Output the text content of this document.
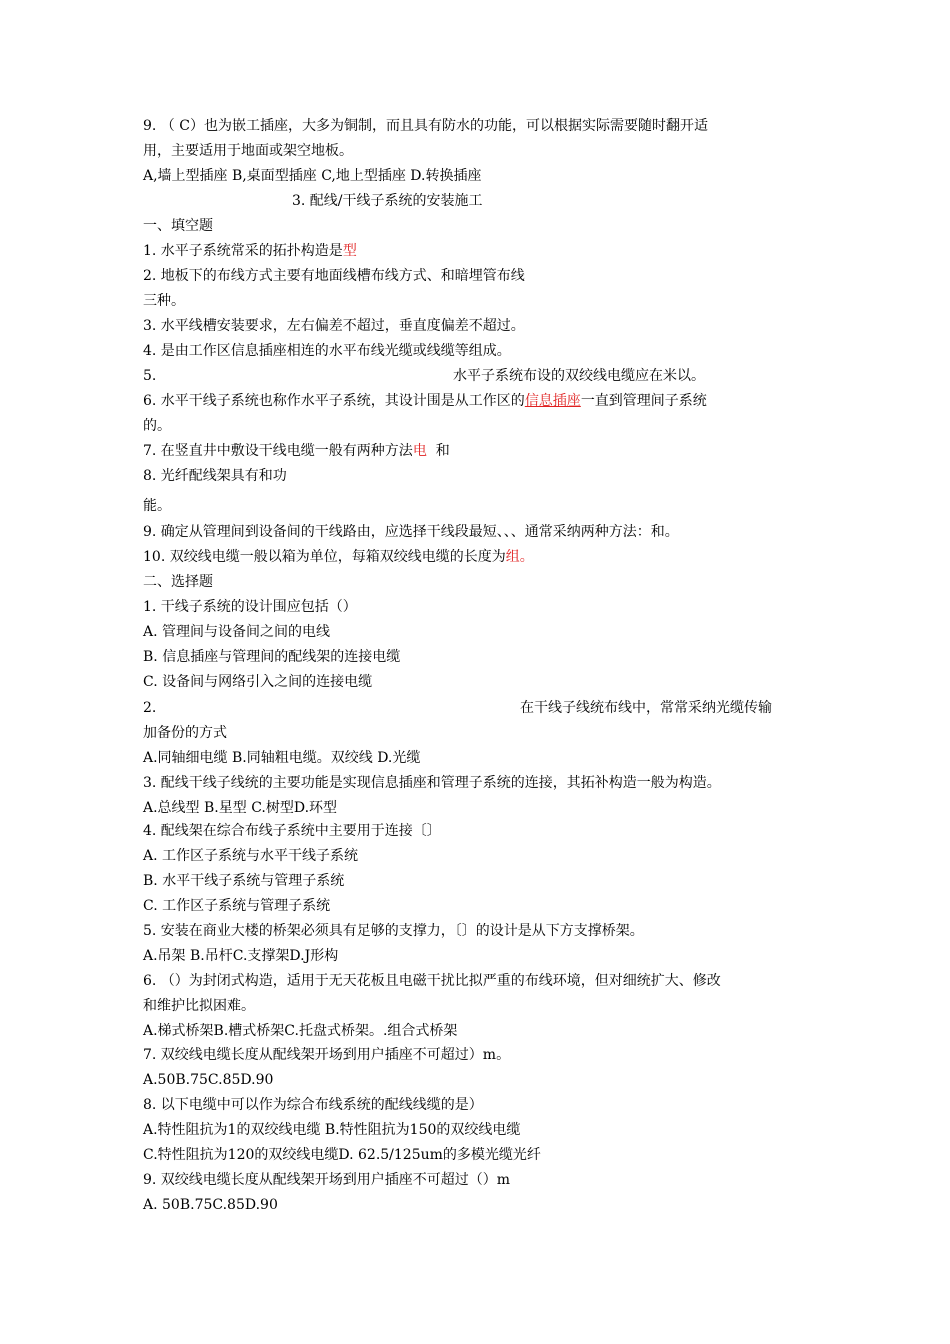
9. （ C）也为嵌工插座，大多为铜制，而且具有防水的功能，可以根据实际需要随时翻开适
用，主要适用于地面或架空地板。
A,墙上型插座 B,桌面型插座 C,地上型插座 D.转换插座
3. 配线/干线子系统的安装施工
一、填空题
1. 水平子系统常采的拓扑构造是型
2. 地板下的布线方式主要有地面线槽布线方式、和暗埋管布线
三种。
3. 水平线槽安装要求，左右偏差不超过，垂直度偏差不超过。
4. 是由工作区信息插座相连的水平布线光缆或线缆等组成。
5.	水平子系统布设的双绞线电缆应在米以。
6. 水平干线子系统也称作水平子系统，其设计围是从工作区的信息插座一直到管理间子系统
的。
7. 在竖直井中敷设干线电缆一般有两种方法电  和
8. 光纤配线架具有和功
能。
9. 确定从管理间到设备间的干线路由，应选择干线段最短、、、通常采纳两种方法：和。
10. 双绞线电缆一般以箱为单位，每箱双绞线电缆的长度为组。
二、选择题
1. 干线子系统的设计围应包括（）
A. 管理间与设备间之间的电线
B. 信息插座与管理间的配线架的连接电缆
C. 设备间与网络引入之间的连接电缆
2.	在干线子线统布线中，常常采纳光缆传输
加备份的方式
A.同轴细电缆 B.同轴粗电缆。双绞线 D.光缆
3. 配线干线子线统的主要功能是实现信息插座和管理子系统的连接，其拓补构造一般为构造。
A.总线型 B.星型 C.树型D.环型
4. 配线架在综合布线子系统中主要用于连接〔〕
A. 工作区子系统与水平干线子系统
B. 水平干线子系统与管理子系统
C. 工作区子系统与管理子系统
5. 安装在商业大楼的桥架必须具有足够的支撑力，〔〕的设计是从下方支撑桥架。
A.吊架 B.吊杆C.支撑架D.J形构
6. （）为封闭式构造，适用于无天花板且电磁干扰比拟严重的布线环境，但对细统扩大、修改
和维护比拟困难。
A.梯式桥架B.槽式桥架C.托盘式桥架。.组合式桥架
7. 双绞线电缆长度从配线架开场到用户插座不可超过）m。
A.50B.75C.85D.90
8. 以下电缆中可以作为综合布线系统的配线线缆的是）
A.特性阻抗为1的双绞线电缆 B.特性阻抗为150的双绞线电缆
C.特性阻抗为120的双绞线电缆D. 62.5/125um的多模光缆光纤
9. 双绞线电缆长度从配线架开场到用户插座不可超过（）m
A. 50B.75C.85D.90
